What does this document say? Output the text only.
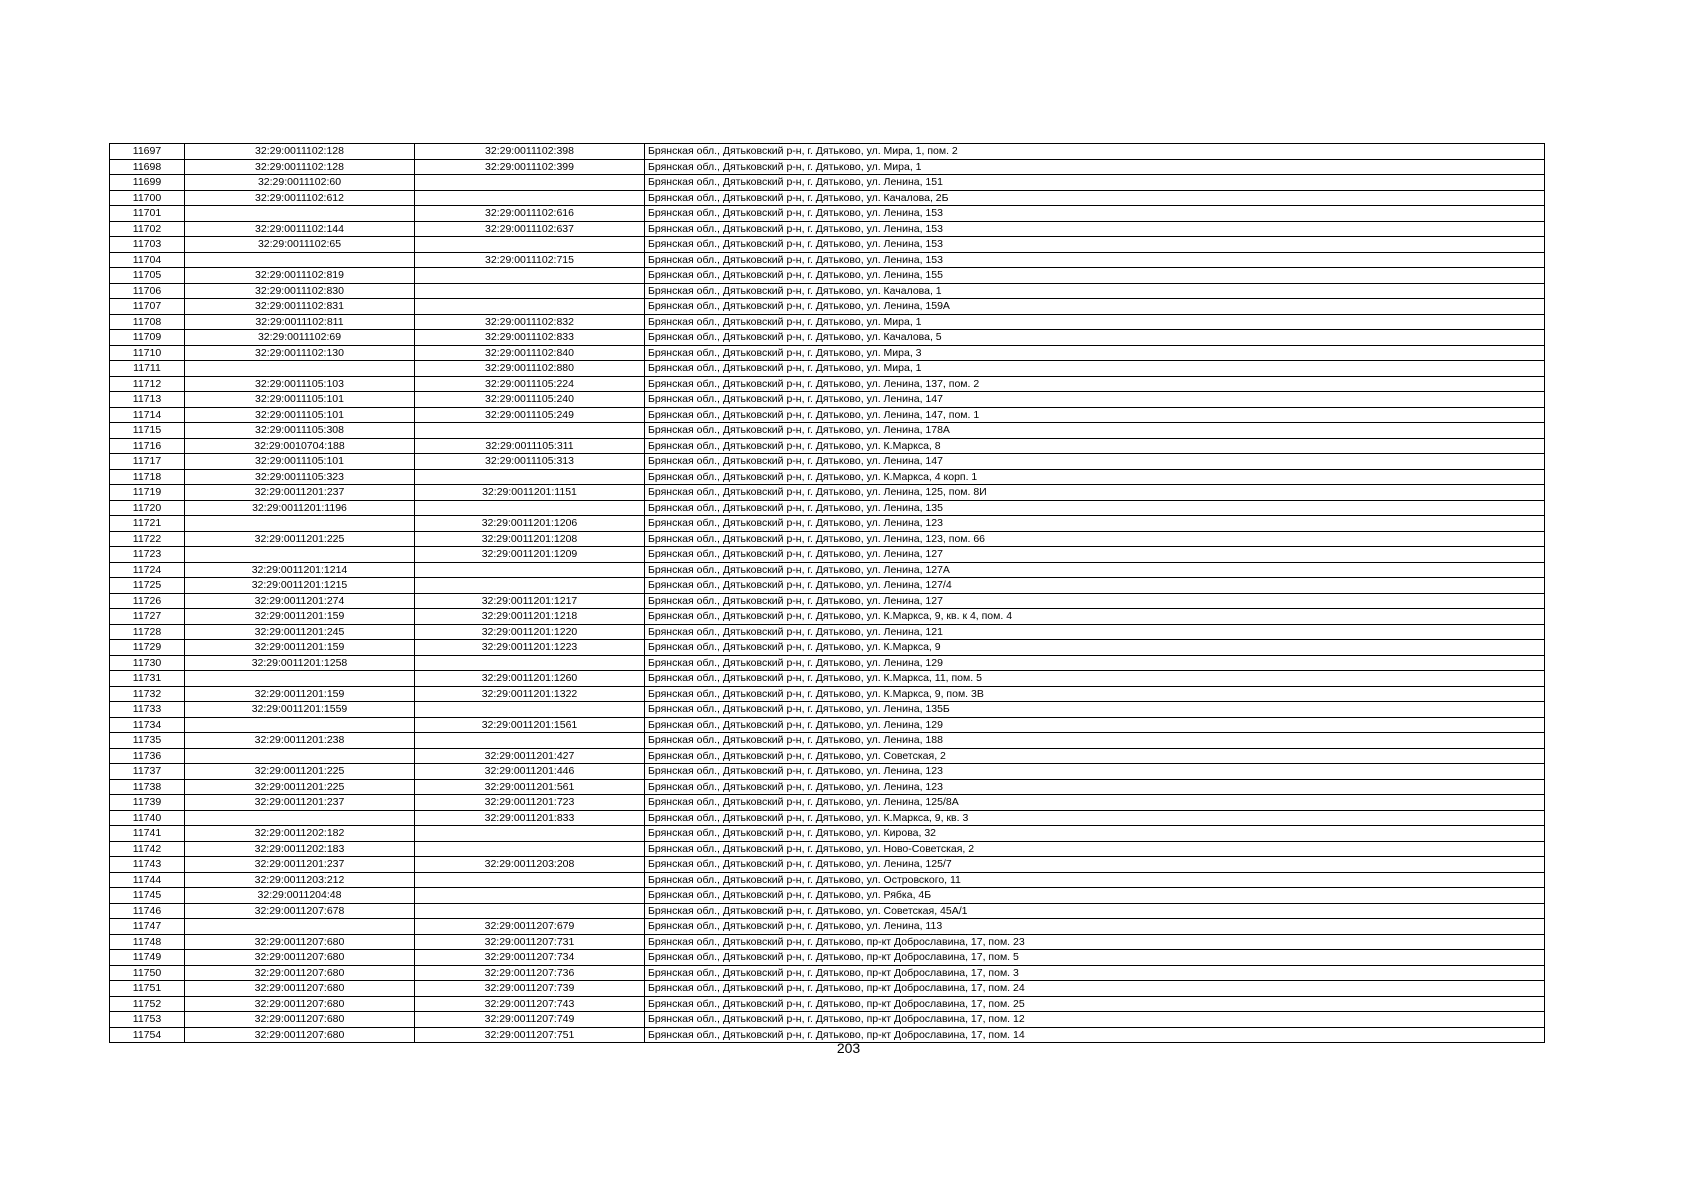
11697	32:29:0011102:128	32:29:0011102:398	Брянская обл., Дятьковский р-н, г. Дятьково, ул. Мира, 1, пом. 2
11698	32:29:0011102:128	32:29:0011102:399	Брянская обл., Дятьковский р-н, г. Дятьково, ул. Мира, 1
11699	32:29:0011102:60		Брянская обл., Дятьковский р-н, г. Дятьково, ул. Ленина, 151
11700	32:29:0011102:612		Брянская обл., Дятьковский р-н, г. Дятьково, ул. Качалова, 2Б
11701		32:29:0011102:616	Брянская обл., Дятьковский р-н, г. Дятьково, ул. Ленина, 153
11702	32:29:0011102:144	32:29:0011102:637	Брянская обл., Дятьковский р-н, г. Дятьково, ул. Ленина, 153
11703	32:29:0011102:65		Брянская обл., Дятьковский р-н, г. Дятьково, ул. Ленина, 153
11704		32:29:0011102:715	Брянская обл., Дятьковский р-н, г. Дятьково, ул. Ленина, 153
11705	32:29:0011102:819		Брянская обл., Дятьковский р-н, г. Дятьково, ул. Ленина, 155
11706	32:29:0011102:830		Брянская обл., Дятьковский р-н, г. Дятьково, ул. Качалова, 1
11707	32:29:0011102:831		Брянская обл., Дятьковский р-н, г. Дятьково, ул. Ленина, 159А
11708	32:29:0011102:811	32:29:0011102:832	Брянская обл., Дятьковский р-н, г. Дятьково, ул. Мира, 1
11709	32:29:0011102:69	32:29:0011102:833	Брянская обл., Дятьковский р-н, г. Дятьково, ул. Качалова, 5
11710	32:29:0011102:130	32:29:0011102:840	Брянская обл., Дятьковский р-н, г. Дятьково, ул. Мира, 3
11711		32:29:0011102:880	Брянская обл., Дятьковский р-н, г. Дятьково, ул. Мира, 1
11712	32:29:0011105:103	32:29:0011105:224	Брянская обл., Дятьковский р-н, г. Дятьково, ул. Ленина, 137, пом. 2
11713	32:29:0011105:101	32:29:0011105:240	Брянская обл., Дятьковский р-н, г. Дятьково, ул. Ленина, 147
11714	32:29:0011105:101	32:29:0011105:249	Брянская обл., Дятьковский р-н, г. Дятьково, ул. Ленина, 147, пом. 1
11715	32:29:0011105:308		Брянская обл., Дятьковский р-н, г. Дятьково, ул. Ленина, 178А
11716	32:29:0010704:188	32:29:0011105:311	Брянская обл., Дятьковский р-н, г. Дятьково, ул. К.Маркса, 8
11717	32:29:0011105:101	32:29:0011105:313	Брянская обл., Дятьковский р-н, г. Дятьково, ул. Ленина, 147
11718	32:29:0011105:323		Брянская обл., Дятьковский р-н, г. Дятьково, ул. К.Маркса, 4 корп. 1
11719	32:29:0011201:237	32:29:0011201:1151	Брянская обл., Дятьковский р-н, г. Дятьково, ул. Ленина, 125, пом. 8И
11720	32:29:0011201:1196		Брянская обл., Дятьковский р-н, г. Дятьково, ул. Ленина, 135
11721		32:29:0011201:1206	Брянская обл., Дятьковский р-н, г. Дятьково, ул. Ленина, 123
11722	32:29:0011201:225	32:29:0011201:1208	Брянская обл., Дятьковский р-н, г. Дятьково, ул. Ленина, 123, пом. 66
11723		32:29:0011201:1209	Брянская обл., Дятьковский р-н, г. Дятьково, ул. Ленина, 127
11724	32:29:0011201:1214		Брянская обл., Дятьковский р-н, г. Дятьково, ул. Ленина, 127А
11725	32:29:0011201:1215		Брянская обл., Дятьковский р-н, г. Дятьково, ул. Ленина, 127/4
11726	32:29:0011201:274	32:29:0011201:1217	Брянская обл., Дятьковский р-н, г. Дятьково, ул. Ленина, 127
11727	32:29:0011201:159	32:29:0011201:1218	Брянская обл., Дятьковский р-н, г. Дятьково, ул. К.Маркса, 9, кв. к 4, пом. 4
11728	32:29:0011201:245	32:29:0011201:1220	Брянская обл., Дятьковский р-н, г. Дятьково, ул. Ленина, 121
11729	32:29:0011201:159	32:29:0011201:1223	Брянская обл., Дятьковский р-н, г. Дятьково, ул. К.Маркса, 9
11730	32:29:0011201:1258		Брянская обл., Дятьковский р-н, г. Дятьково, ул. Ленина, 129
11731		32:29:0011201:1260	Брянская обл., Дятьковский р-н, г. Дятьково, ул. К.Маркса, 11, пом. 5
11732	32:29:0011201:159	32:29:0011201:1322	Брянская обл., Дятьковский р-н, г. Дятьково, ул. К.Маркса, 9, пом. 3В
11733	32:29:0011201:1559		Брянская обл., Дятьковский р-н, г. Дятьково, ул. Ленина, 135Б
11734		32:29:0011201:1561	Брянская обл., Дятьковский р-н, г. Дятьково, ул. Ленина, 129
11735	32:29:0011201:238		Брянская обл., Дятьковский р-н, г. Дятьково, ул. Ленина, 188
11736		32:29:0011201:427	Брянская обл., Дятьковский р-н, г. Дятьково, ул. Советская, 2
11737	32:29:0011201:225	32:29:0011201:446	Брянская обл., Дятьковский р-н, г. Дятьково, ул. Ленина, 123
11738	32:29:0011201:225	32:29:0011201:561	Брянская обл., Дятьковский р-н, г. Дятьково, ул. Ленина, 123
11739	32:29:0011201:237	32:29:0011201:723	Брянская обл., Дятьковский р-н, г. Дятьково, ул. Ленина, 125/8А
11740		32:29:0011201:833	Брянская обл., Дятьковский р-н, г. Дятьково, ул. К.Маркса, 9, кв. 3
11741	32:29:0011202:182		Брянская обл., Дятьковский р-н, г. Дятьково, ул. Кирова, 32
11742	32:29:0011202:183		Брянская обл., Дятьковский р-н, г. Дятьково, ул. Ново-Советская, 2
11743	32:29:0011201:237	32:29:0011203:208	Брянская обл., Дятьковский р-н, г. Дятьково, ул. Ленина, 125/7
11744	32:29:0011203:212		Брянская обл., Дятьковский р-н, г. Дятьково, ул. Островского, 11
11745	32:29:0011204:48		Брянская обл., Дятьковский р-н, г. Дятьково, ул. Рябка, 4Б
11746	32:29:0011207:678		Брянская обл., Дятьковский р-н, г. Дятьково, ул. Советская, 45А/1
11747		32:29:0011207:679	Брянская обл., Дятьковский р-н, г. Дятьково, ул. Ленина, 113
11748	32:29:0011207:680	32:29:0011207:731	Брянская обл., Дятьковский р-н, г. Дятьково, пр-кт Доброславина, 17, пом. 23
11749	32:29:0011207:680	32:29:0011207:734	Брянская обл., Дятьковский р-н, г. Дятьково, пр-кт Доброславина, 17, пом. 5
11750	32:29:0011207:680	32:29:0011207:736	Брянская обл., Дятьковский р-н, г. Дятьково, пр-кт Доброславина, 17, пом. 3
11751	32:29:0011207:680	32:29:0011207:739	Брянская обл., Дятьковский р-н, г. Дятьково, пр-кт Доброславина, 17, пом. 24
11752	32:29:0011207:680	32:29:0011207:743	Брянская обл., Дятьковский р-н, г. Дятьково, пр-кт Доброславина, 17, пом. 25
11753	32:29:0011207:680	32:29:0011207:749	Брянская обл., Дятьковский р-н, г. Дятьково, пр-кт Доброславина, 17, пом. 12
11754	32:29:0011207:680	32:29:0011207:751	Брянская обл., Дятьковский р-н, г. Дятьково, пр-кт Доброславина, 17, пом. 14
203
